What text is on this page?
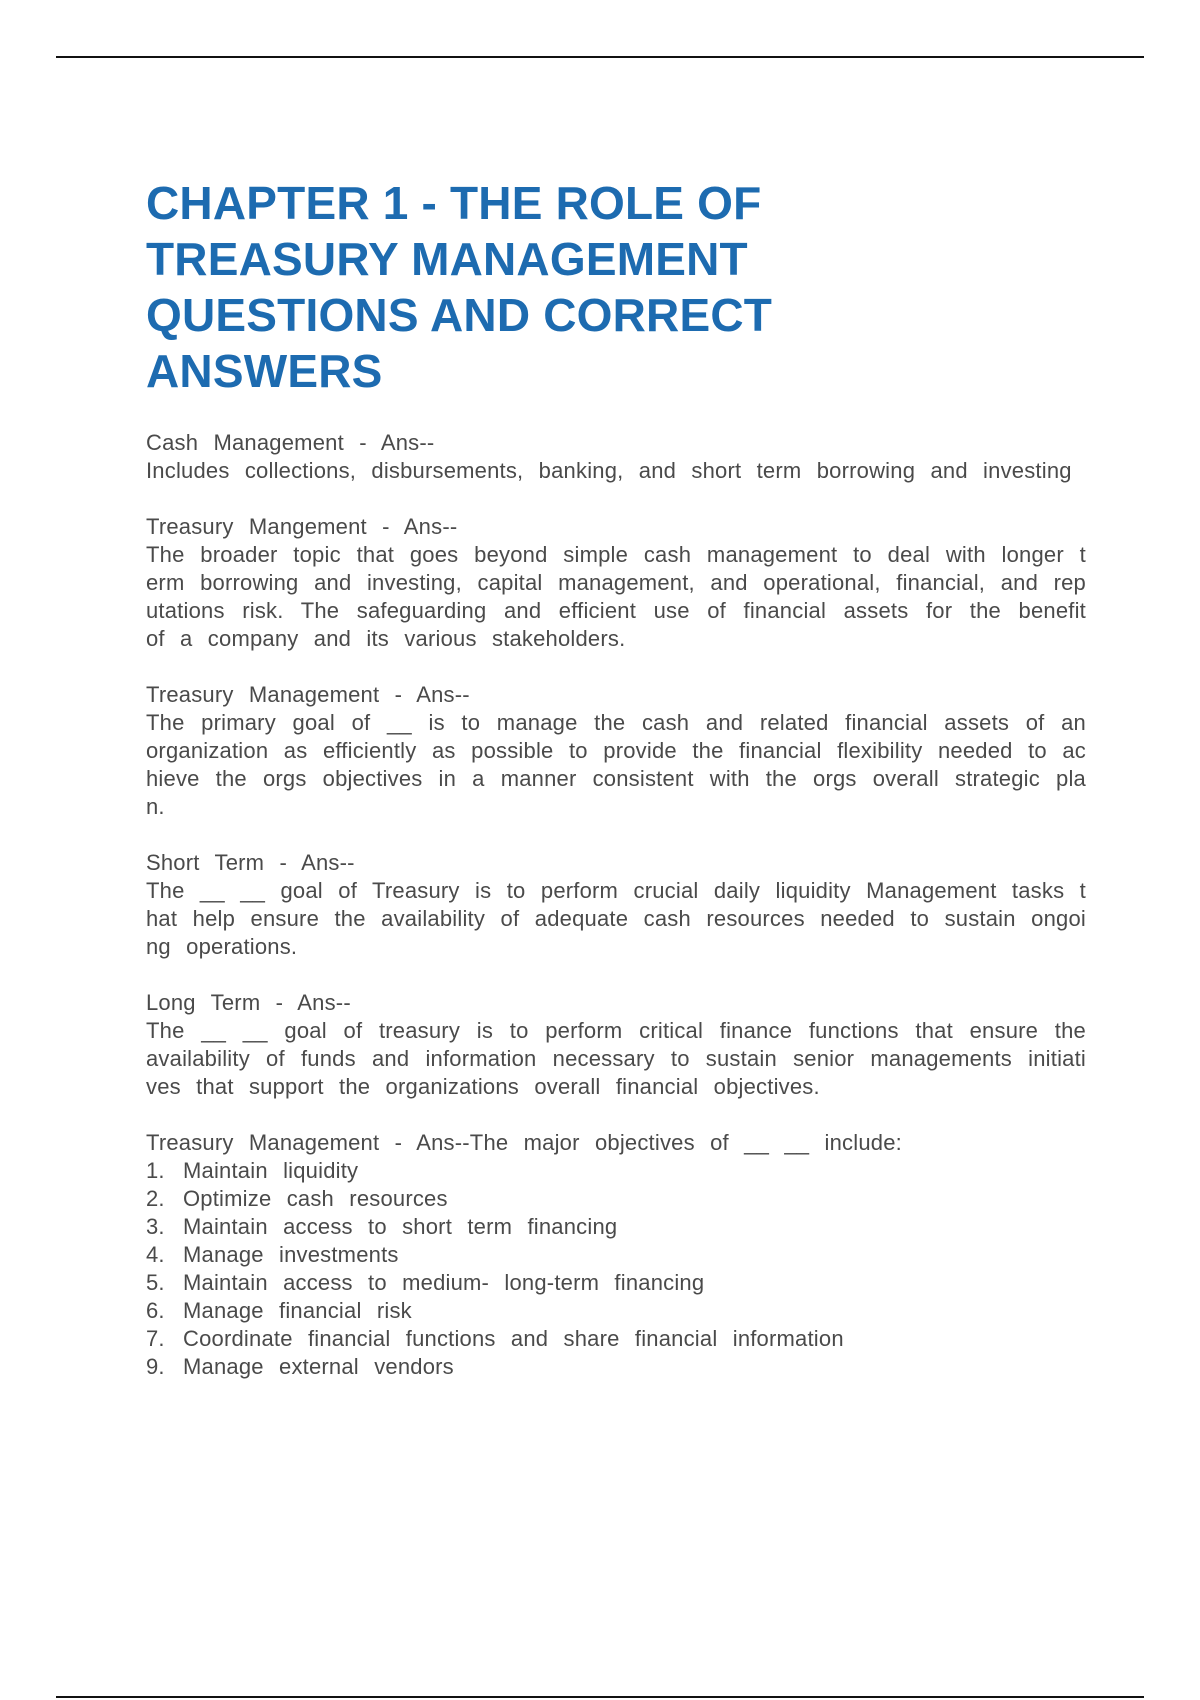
CHAPTER 1 - THE ROLE OF TREASURY MANAGEMENT QUESTIONS AND CORRECT ANSWERS
Cash Management - Ans--
Includes collections, disbursements, banking, and short term borrowing and investing
Treasury Mangement - Ans--
The broader topic that goes beyond simple cash management to deal with longer term borrowing and investing, capital management, and operational, financial, and reputations risk. The safeguarding and efficient use of financial assets for the benefit of a company and its various stakeholders.
Treasury Management - Ans--
The primary goal of __ is to manage the cash and related financial assets of an organization as efficiently as possible to provide the financial flexibility needed to achieve the orgs objectives in a manner consistent with the orgs overall strategic plan.
Short Term - Ans--
The __ __ goal of Treasury is to perform crucial daily liquidity Management tasks that help ensure the availability of adequate cash resources needed to sustain ongoing operations.
Long Term - Ans--
The __ __ goal of treasury is to perform critical finance functions that ensure the availability of funds and information necessary to sustain senior managements initiatives that support the organizations overall financial objectives.
Treasury Management - Ans--The major objectives of __ __ include:
1. Maintain liquidity
2. Optimize cash resources
3. Maintain access to short term financing
4. Manage investments
5. Maintain access to medium- long-term financing
6. Manage financial risk
7. Coordinate financial functions and share financial information
9. Manage external vendors
